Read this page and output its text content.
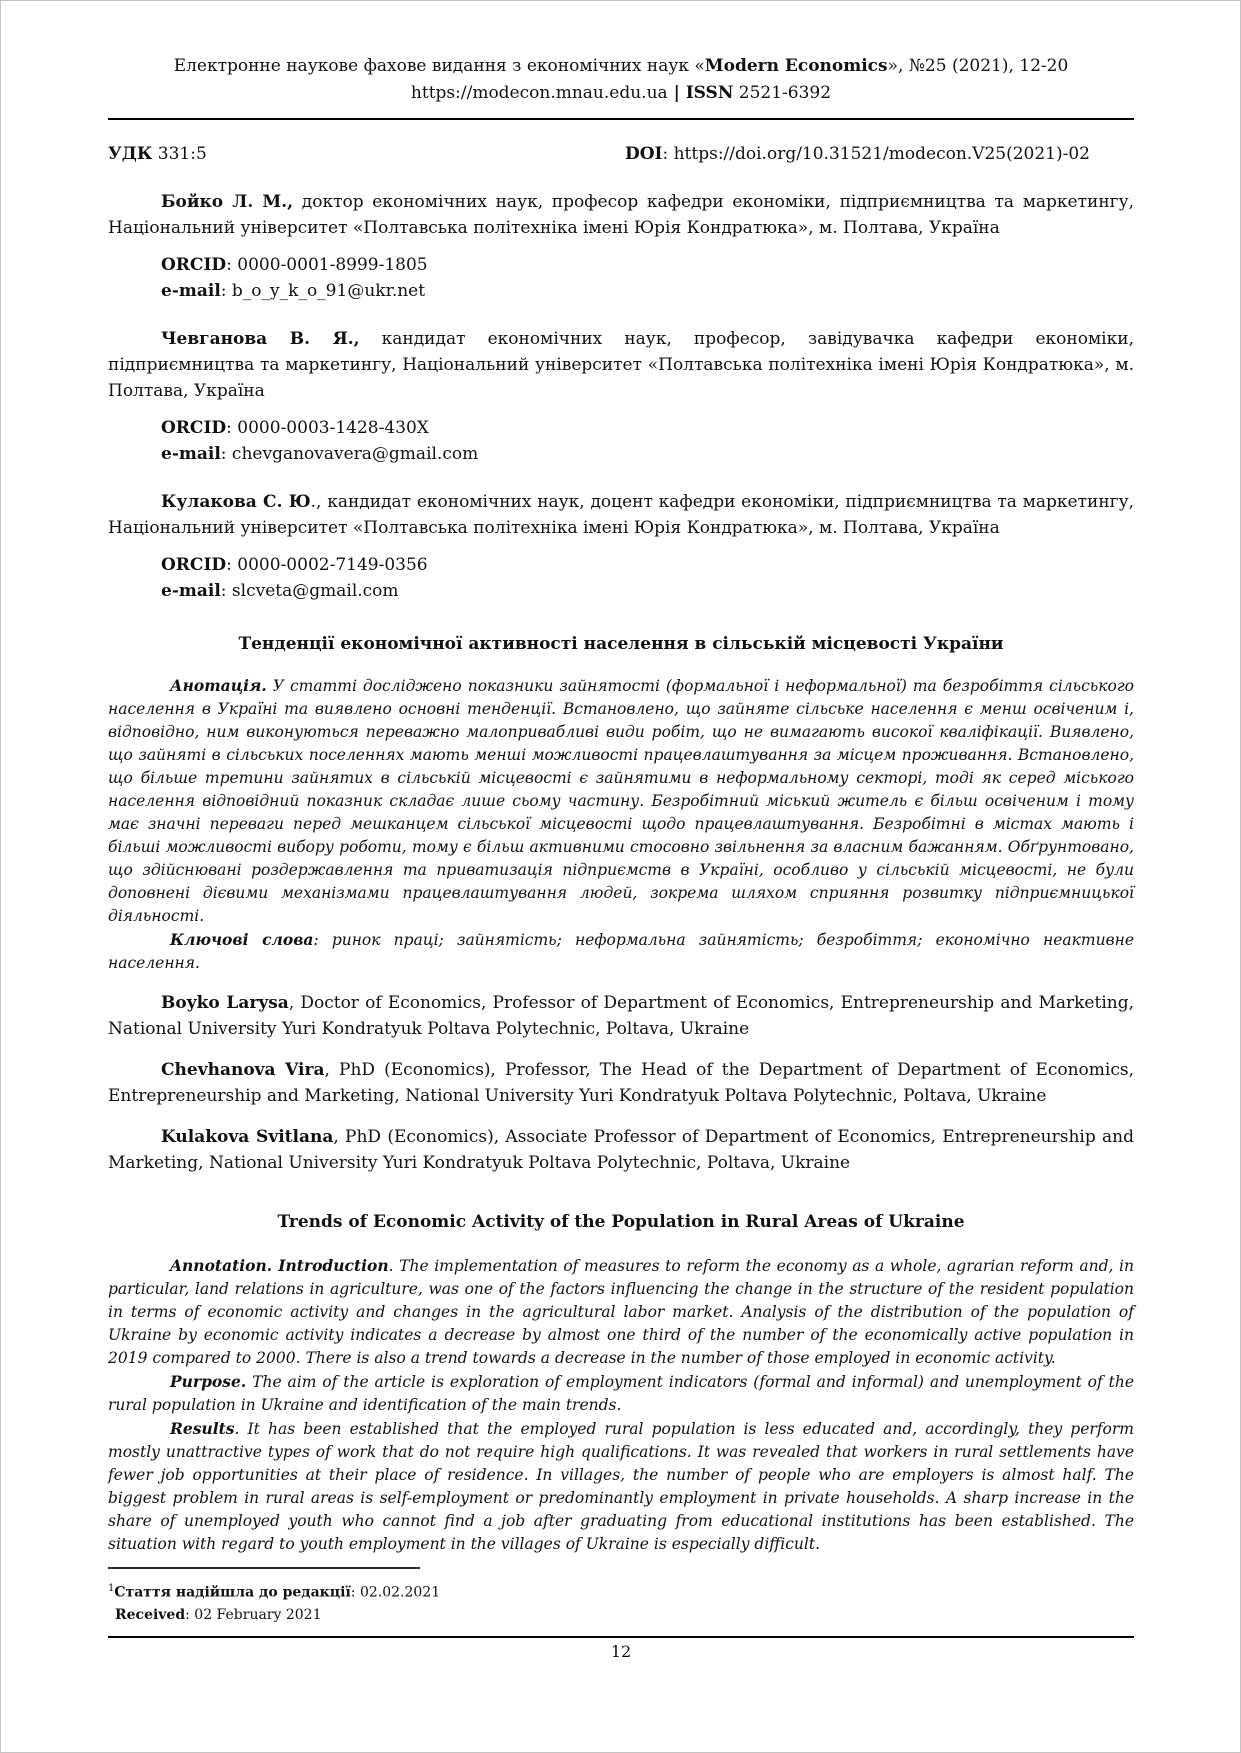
Електронне наукове фахове видання з економічних наук «Modern Economics», №25 (2021), 12-20
https://modecon.mnau.edu.ua | ISSN 2521-6392
УДК 331:5	DOI: https://doi.org/10.31521/modecon.V25(2021)-02

Бойко Л. М., доктор економічних наук, професор кафедри економіки, підприємництва та маркетингу, Національний університет «Полтавська політехніка імені Юрія Кондратюка», м. Полтава, Україна

ORCID: 0000-0001-8999-1805
e-mail: b_o_y_k_o_91@ukr.net

Чевганова В. Я., кандидат економічних наук, професор, завідувачка кафедри економіки, підприємництва та маркетингу, Національний університет «Полтавська політехніка імені Юрія Кондратюка», м. Полтава, Україна

ORCID: 0000-0003-1428-430X
e-mail: chevganovavera@gmail.com

Кулакова С. Ю., кандидат економічних наук, доцент кафедри економіки, підприємництва та маркетингу, Національний університет «Полтавська політехніка імені Юрія Кондратюка», м. Полтава, Україна

ORCID: 0000-0002-7149-0356
e-mail: slcveta@gmail.com
Тенденції економічної активності населення в сільській місцевості України

Анотація. У статті досліджено показники зайнятості (формальної і неформальної) та безробіття сільського населення в Україні та виявлено основні тенденції. Встановлено, що зайняте сільське населення є менш освіченим і, відповідно, ним виконуються переважно малопривабливі види робіт, що не вимагають високої кваліфікації. Виявлено, що зайняті в сільських поселеннях мають менші можливості працевлаштування за місцем проживання. Встановлено, що більше третини зайнятих в сільській місцевості є зайнятими в неформальному секторі, тоді як серед міського населення відповідний показник складає лише сьому частину. Безробітний міський житель є більш освіченим і тому має значні переваги перед мешканцем сільської місцевості щодо працевлаштування. Безробітні в містах мають і більші можливості вибору роботи, тому є більш активними стосовно звільнення за власним бажанням. Обґрунтовано, що здійснювані роздержавлення та приватизація підприємств в Україні, особливо у сільській місцевості, не були доповнені дієвими механізмами працевлаштування людей, зокрема шляхом сприяння розвитку підприємницької діяльності.

Ключові слова: ринок праці; зайнятість; неформальна зайнятість; безробіття; економічно неактивне населення.

Boyko Larysa, Doctor of Economics, Professor of Department of Economics, Entrepreneurship and Marketing, National University Yuri Kondratyuk Poltava Polytechnic, Poltava, Ukraine

Chevhanova Vira, PhD (Economics), Professor, The Head of the Department of Department of Economics, Entrepreneurship and Marketing, National University Yuri Kondratyuk Poltava Polytechnic, Poltava, Ukraine

Kulakova Svitlana, PhD (Economics), Associate Professor of Department of Economics, Entrepreneurship and Marketing, National University Yuri Kondratyuk Poltava Polytechnic, Poltava, Ukraine

Trends of Economic Activity of the Population in Rural Areas of Ukraine

Annotation. Introduction. The implementation of measures to reform the economy as a whole, agrarian reform and, in particular, land relations in agriculture, was one of the factors influencing the change in the structure of the resident population in terms of economic activity and changes in the agricultural labor market. Analysis of the distribution of the population of Ukraine by economic activity indicates a decrease by almost one third of the number of the economically active population in 2019 compared to 2000. There is also a trend towards a decrease in the number of those employed in economic activity.

Purpose. The aim of the article is exploration of employment indicators (formal and informal) and unemployment of the rural population in Ukraine and identification of the main trends.

Results. It has been established that the employed rural population is less educated and, accordingly, they perform mostly unattractive types of work that do not require high qualifications. It was revealed that workers in rural settlements have fewer job opportunities at their place of residence. In villages, the number of people who are employers is almost half. The biggest problem in rural areas is self-employment or predominantly employment in private households. A sharp increase in the share of unemployed youth who cannot find a job after graduating from educational institutions has been established. The situation with regard to youth employment in the villages of Ukraine is especially difficult.

$^1$Стаття надійшла до редакції: 02.02.2021
Received: 02 February 2021
12
